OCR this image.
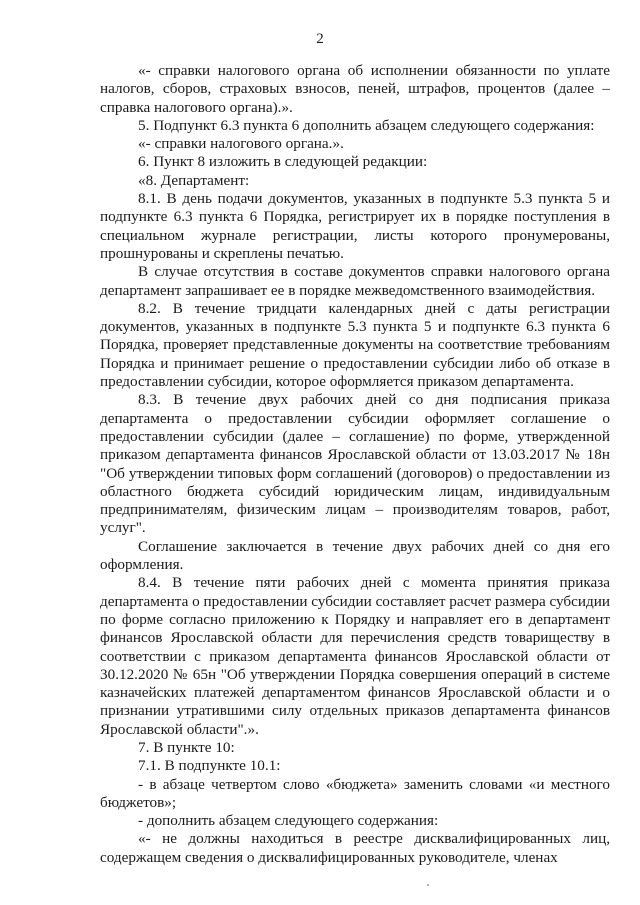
2

«- справки налогового органа об исполнении обязанности по уплате налогов, сборов, страховых взносов, пеней, штрафов, процентов (далее – справка налогового органа).».

5. Подпункт 6.3 пункта 6 дополнить абзацем следующего содержания:

«- справки налогового органа.».

6. Пункт 8 изложить в следующей редакции:

«8. Департамент:

8.1. В день подачи документов, указанных в подпункте 5.3 пункта 5 и подпункте 6.3 пункта 6 Порядка, регистрирует их в порядке поступления в специальном журнале регистрации, листы которого пронумерованы, прошнурованы и скреплены печатью.

В случае отсутствия в составе документов справки налогового органа департамент запрашивает ее в порядке межведомственного взаимодействия.

8.2. В течение тридцати календарных дней с даты регистрации документов, указанных в подпункте 5.3 пункта 5 и подпункте 6.3 пункта 6 Порядка, проверяет представленные документы на соответствие требованиям Порядка и принимает решение о предоставлении субсидии либо об отказе в предоставлении субсидии, которое оформляется приказом департамента.

8.3. В течение двух рабочих дней со дня подписания приказа департамента о предоставлении субсидии оформляет соглашение о предоставлении субсидии (далее – соглашение) по форме, утвержденной приказом департамента финансов Ярославской области от 13.03.2017 № 18н "Об утверждении типовых форм соглашений (договоров) о предоставлении из областного бюджета субсидий юридическим лицам, индивидуальным предпринимателям, физическим лицам – производителям товаров, работ, услуг".

Соглашение заключается в течение двух рабочих дней со дня его оформления.

8.4. В течение пяти рабочих дней с момента принятия приказа департамента о предоставлении субсидии составляет расчет размера субсидии по форме согласно приложению к Порядку и направляет его в департамент финансов Ярославской области для перечисления средств товариществу в соответствии с приказом департамента финансов Ярославской области от 30.12.2020 № 65н "Об утверждении Порядка совершения операций в системе казначейских платежей департаментом финансов Ярославской области и о признании утратившими силу отдельных приказов департамента финансов Ярославской области".».

7. В пункте 10:

7.1. В подпункте 10.1:

- в абзаце четвертом слово «бюджета» заменить словами «и местного бюджетов»;

- дополнить абзацем следующего содержания:

«- не должны находиться в реестре дисквалифицированных лиц, содержащем сведения о дисквалифицированных руководителе, членах
